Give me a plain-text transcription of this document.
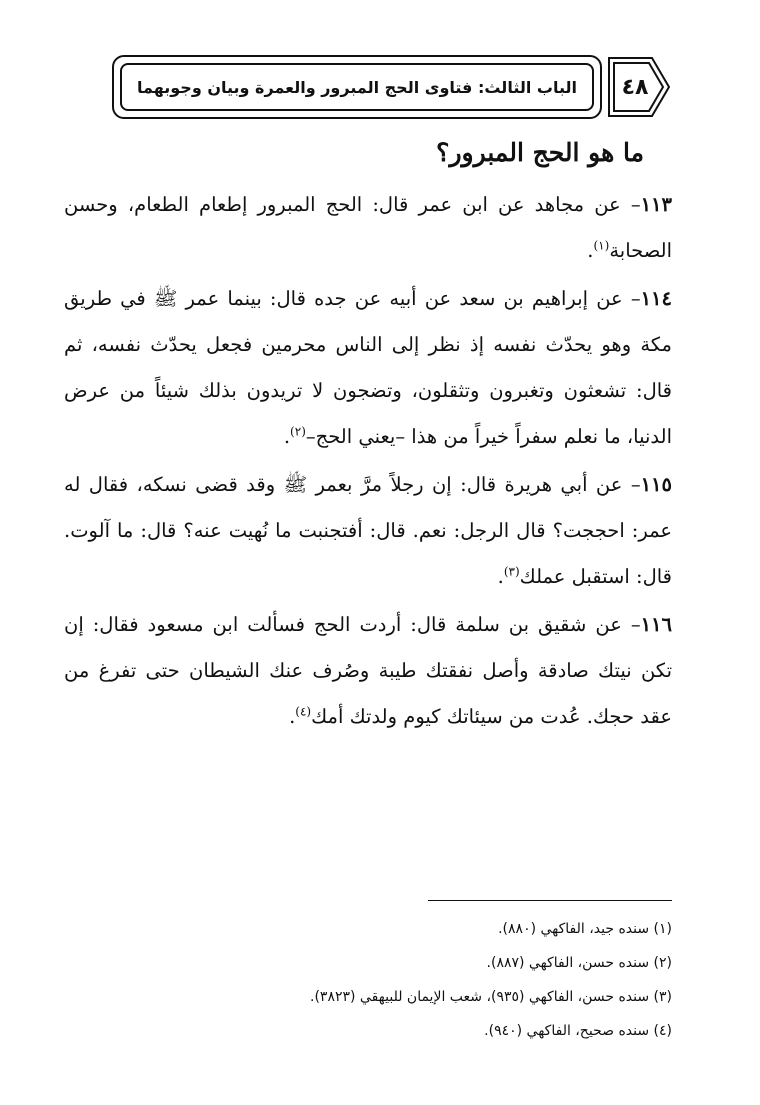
الباب الثالث: فتاوى الحج المبرور والعمرة وبيان وجوبهما	٤٨
ما هو الحج المبرور؟

١١٣– عن مجاهد عن ابن عمر قال: الحج المبرور إطعام الطعام، وحسن الصحابة$^{(١)}$.

١١٤– عن إبراهيم بن سعد عن أبيه عن جده قال: بينما عمر ﷺ في طريق مكة وهو يحدّث نفسه إذ نظر إلى الناس محرمين فجعل يحدّث نفسه، ثم قال: تشعثون وتغبرون وتثقلون، وتضجون لا تريدون بذلك شيئاً من عرض الدنيا، ما نعلم سفراً خيراً من هذا –يعني الحج–$^{(٢)}$.

١١٥– عن أبي هريرة قال: إن رجلاً مرَّ بعمر ﷺ وقد قضى نسكه، فقال له عمر: احججت؟ قال الرجل: نعم. قال: أفتجنبت ما نُهيت عنه؟ قال: ما آلوت. قال: استقبل عملك$^{(٣)}$.

١١٦– عن شقيق بن سلمة قال: أردت الحج فسألت ابن مسعود فقال: إن تكن نيتك صادقة وأصل نفقتك طيبة وصُرف عنك الشيطان حتى تفرغ من عقد حجك. عُدت من سيئاتك كيوم ولدتك أمك$^{(٤)}$.

(١) سنده جيد، الفاكهي (٨٨٠).
(٢) سنده حسن، الفاكهي (٨٨٧).
(٣) سنده حسن، الفاكهي (٩٣٥)، شعب الإيمان للبيهقي (٣٨٢٣).
(٤) سنده صحيح، الفاكهي (٩٤٠).
